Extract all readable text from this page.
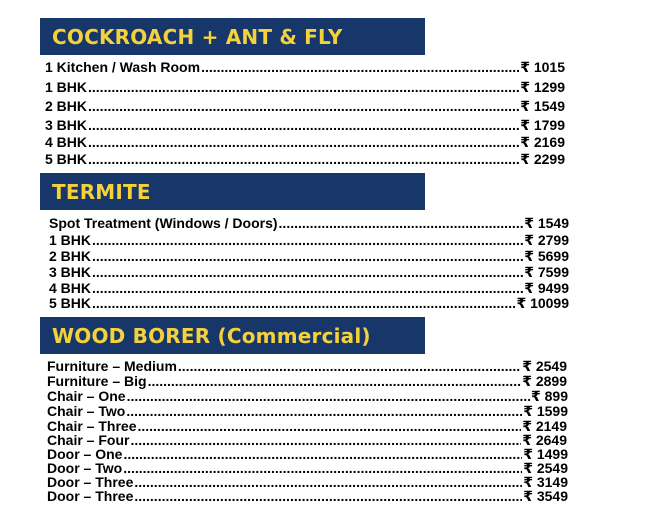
COCKROACH + ANT & FLY
1 Kitchen / Wash Room .....	₹ 1015
1 BHK .....	₹ 1299
2 BHK .....	₹ 1549
3 BHK .....	₹ 1799
4 BHK .....	₹ 2169
5 BHK .....	₹ 2299
TERMITE
Spot Treatment (Windows / Doors) .....	₹ 1549
1 BHK .....	₹ 2799
2 BHK .....	₹ 5699
3 BHK .....	₹ 7599
4 BHK .....	₹ 9499
5 BHK .....	₹ 10099
WOOD BORER (Commercial)
Furniture – Medium .....	₹ 2549
Furniture – Big .....	₹ 2899
Chair – One .....	₹ 899
Chair – Two .....	₹ 1599
Chair – Three .....	₹ 2149
Chair – Four .....	₹ 2649
Door – One .....	₹ 1499
Door – Two .....	₹ 2549
Door – Three .....	₹ 3149
Door – Three .....	₹ 3549
